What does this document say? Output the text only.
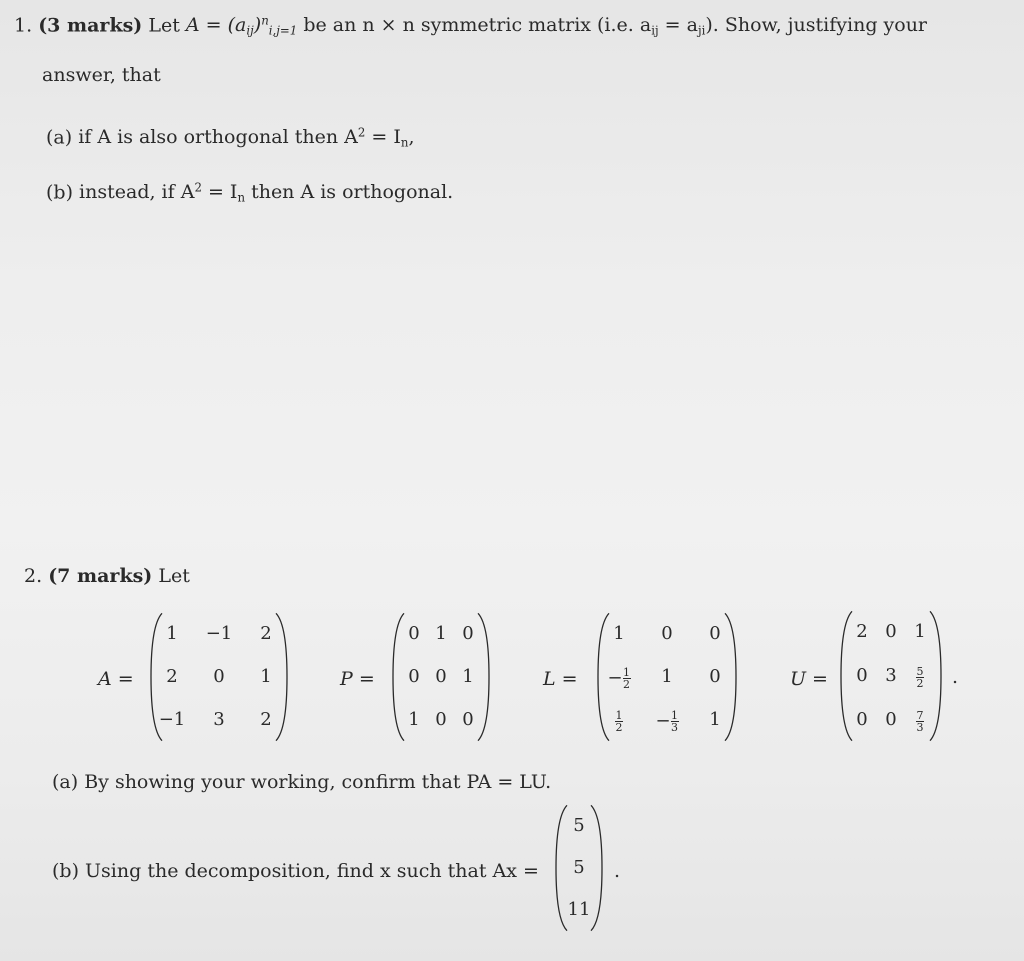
1. (3 marks) Let $A = (a_{ij})^n_{i,j=1}$ be an n × n symmetric matrix (i.e. $a_{ij} = a_{ji}$). Show, justifying your
answer, that
(a) if A is also orthogonal then $A^2 = I_n$,
(b) instead, if $A^2 = I_n$ then A is orthogonal.
2. (7 marks) Let
A =
1	−1	2
2	0	1
−1	3	2
P =
0 1 0
0 0 1
1 0 0
L =
1	0	0
− $\frac{1}{2}$	1	0
$\frac{1}{2}$	− $\frac{1}{3}$	1
U =
2 0 1
0 3	$\frac{5}{2}$
0 0	$\frac{7}{3}$
.
(a) By showing your working, confirm that PA = LU.
(b) Using the decomposition, find x such that Ax =
5
5
11
.
